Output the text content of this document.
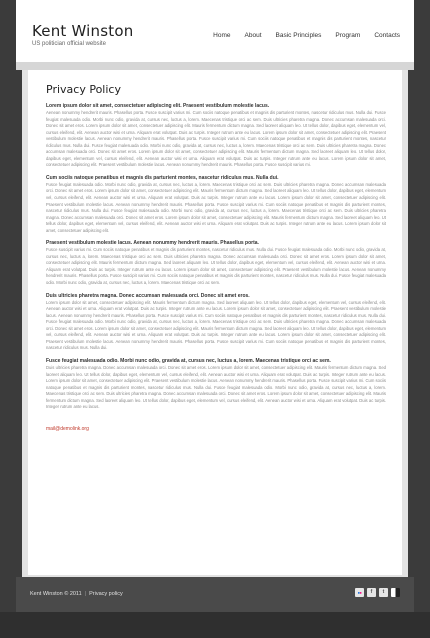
Kent Winston
US politician official website
Home About Basic Principles Program Contacts
Privacy Policy
Lorem ipsum dolor sit amet, consectetuer adipiscing elit. Praesent vestibulum molestie lacus.
Aenean nonummy hendrerit mauris. Phasellus porta. Fusce suscipit varius mi. Cum sociis natoque penatibus et magnis dis parturient montes, nascetur ridiculus mus. Nulla dui. Fusce feugiat malesuada odio. Morbi nunc odio, gravida at, cursus nec, luctus a, lorem. Maecenas tristique orci ac sem. Duis ultricies pharetra magna. Donec accumsan malesuada orci. Donec sit amet eros. Lorem ipsum dolor sit amet, consectetuer adipiscing elit. Mauris fermentum dictum magna. Sed laoreet aliquam leo. Ut tellus dolor, dapibus eget, elementum vel, cursus eleifend, elit. Aenean auctor wisi et urna. Aliquam erat volutpat. Duis ac turpis. Integer rutrum ante eu lacus. Lorem ipsum dolor sit amet, consectetuer adipiscing elit. Praesent vestibulum molestie lacus. Aenean nonummy hendrerit mauris. Phasellus porta. Fusce suscipit varius mi. Cum sociis natoque penatibus et magnis dis parturient montes, nascetur ridiculus mus. Nulla dui. Fusce feugiat malesuada odio. Morbi nunc odio, gravida at, cursus nec, luctus a, lorem. Maecenas tristique orci ac sem. Duis ultricies pharetra magna. Donec accumsan malesuada orci. Donec sit amet eros. Lorem ipsum dolor sit amet, consectetuer adipiscing elit. Mauris fermentum dictum magna. Sed laoreet aliquam leo. Ut tellus dolor, dapibus eget, elementum vel, cursus eleifend, elit. Aenean auctor wisi et urna. Aliquam erat volutpat. Duis ac turpis. Integer rutrum ante eu lacus. Lorem ipsum dolor sit amet, consectetuer adipiscing elit. Praesent vestibulum molestie lacus. Aenean nonummy hendrerit mauris. Phasellus porta. Fusce suscipit varius mi.
Cum sociis natoque penatibus et magnis dis parturient montes, nascetur ridiculus mus. Nulla dui.
Fusce feugiat malesuada odio. Morbi nunc odio, gravida at, cursus nec, luctus a, lorem. Maecenas tristique orci ac sem. Duis ultricies pharetra magna. Donec accumsan malesuada orci. Donec sit amet eros. Lorem ipsum dolor sit amet, consectetuer adipiscing elit. Mauris fermentum dictum magna. Sed laoreet aliquam leo. Ut tellus dolor, dapibus eget, elementum vel, cursus eleifend, elit. Aenean auctor wisi et urna. Aliquam erat volutpat. Duis ac turpis. Integer rutrum ante eu lacus. Lorem ipsum dolor sit amet, consectetuer adipiscing elit. Praesent vestibulum molestie lacus. Aenean nonummy hendrerit mauris. Phasellus porta. Fusce suscipit varius mi. Cum sociis natoque penatibus et magnis dis parturient montes, nascetur ridiculus mus. Nulla dui. Fusce feugiat malesuada odio. Morbi nunc odio, gravida at, cursus nec, luctus a, lorem. Maecenas tristique orci ac sem. Duis ultricies pharetra magna. Donec accumsan malesuada orci. Donec sit amet eros. Lorem ipsum dolor sit amet, consectetuer adipiscing elit. Mauris fermentum dictum magna. Sed laoreet aliquam leo. Ut tellus dolor, dapibus eget, elementum vel, cursus eleifend, elit. Aenean auctor wisi et urna. Aliquam erat volutpat. Duis ac turpis. Integer rutrum ante eu lacus. Lorem ipsum dolor sit amet, consectetuer adipiscing elit.
Praesent vestibulum molestie lacus. Aenean nonummy hendrerit mauris. Phasellus porta.
Fusce suscipit varius mi. Cum sociis natoque penatibus et magnis dis parturient montes, nascetur ridiculus mus. Nulla dui. Fusce feugiat malesuada odio. Morbi nunc odio, gravida at, cursus nec, luctus a, lorem. Maecenas tristique orci ac sem. Duis ultricies pharetra magna. Donec accumsan malesuada orci. Donec sit amet eros. Lorem ipsum dolor sit amet, consectetuer adipiscing elit. Mauris fermentum dictum magna. Sed laoreet aliquam leo. Ut tellus dolor, dapibus eget, elementum vel, cursus eleifend, elit. Aenean auctor wisi et urna. Aliquam erat volutpat. Duis ac turpis. Integer rutrum ante eu lacus. Lorem ipsum dolor sit amet, consectetuer adipiscing elit. Praesent vestibulum molestie lacus. Aenean nonummy hendrerit mauris. Phasellus porta. Fusce suscipit varius mi. Cum sociis natoque penatibus et magnis dis parturient montes, nascetur ridiculus mus. Nulla dui. Fusce feugiat malesuada odio. Morbi nunc odio, gravida at, cursus nec, luctus a, lorem. Maecenas tristique orci ac sem.
Duis ultricies pharetra magna. Donec accumsan malesuada orci. Donec sit amet eros.
Lorem ipsum dolor sit amet, consectetuer adipiscing elit. Mauris fermentum dictum magna. Sed laoreet aliquam leo. Ut tellus dolor, dapibus eget, elementum vel, cursus eleifend, elit. Aenean auctor wisi et urna. Aliquam erat volutpat. Duis ac turpis. Integer rutrum ante eu lacus. Lorem ipsum dolor sit amet, consectetuer adipiscing elit. Praesent vestibulum molestie lacus. Aenean nonummy hendrerit mauris. Phasellus porta. Fusce suscipit varius mi. Cum sociis natoque penatibus et magnis dis parturient montes, nascetur ridiculus mus. Nulla dui. Fusce feugiat malesuada odio. Morbi nunc odio, gravida at, cursus nec, luctus a, lorem. Maecenas tristique orci ac sem. Duis ultricies pharetra magna. Donec accumsan malesuada orci. Donec sit amet eros. Lorem ipsum dolor sit amet, consectetuer adipiscing elit. Mauris fermentum dictum magna. Sed laoreet aliquam leo. Ut tellus dolor, dapibus eget, elementum vel, cursus eleifend, elit. Aenean auctor wisi et urna. Aliquam erat volutpat. Duis ac turpis. Integer rutrum ante eu lacus. Lorem ipsum dolor sit amet, consectetuer adipiscing elit. Praesent vestibulum molestie lacus. Aenean nonummy hendrerit mauris. Phasellus porta. Fusce suscipit varius mi. Cum sociis natoque penatibus et magnis dis parturient montes, nascetur ridiculus mus. Nulla dui.
Fusce feugiat malesuada odio. Morbi nunc odio, gravida at, cursus nec, luctus a, lorem. Maecenas tristique orci ac sem.
Duis ultricies pharetra magna. Donec accumsan malesuada orci. Donec sit amet eros. Lorem ipsum dolor sit amet, consectetuer adipiscing elit. Mauris fermentum dictum magna. Sed laoreet aliquam leo. Ut tellus dolor, dapibus eget, elementum vel, cursus eleifend, elit. Aenean auctor wisi et urna. Aliquam erat volutpat. Duis ac turpis. Integer rutrum ante eu lacus. Lorem ipsum dolor sit amet, consectetuer adipiscing elit. Praesent vestibulum molestie lacus. Aenean nonummy hendrerit mauris. Phasellus porta. Fusce suscipit varius mi. Cum sociis natoque penatibus et magnis dis parturient montes, nascetur ridiculus mus. Nulla dui. Fusce feugiat malesuada odio. Morbi nunc odio, gravida at, cursus nec, luctus a, lorem. Maecenas tristique orci ac sem. Duis ultricies pharetra magna. Donec accumsan malesuada orci. Donec sit amet eros. Lorem ipsum dolor sit amet, consectetuer adipiscing elit. Mauris fermentum dictum magna. Sed laoreet aliquam leo. Ut tellus dolor, dapibus eget, elementum vel, cursus eleifend, elit. Aenean auctor wisi et urna. Aliquam erat volutpat. Duis ac turpis. Integer rutrum ante eu lacus.
mail@demolink.org
Kent Winston © 2011 | Privacy policy	●●	f	t
